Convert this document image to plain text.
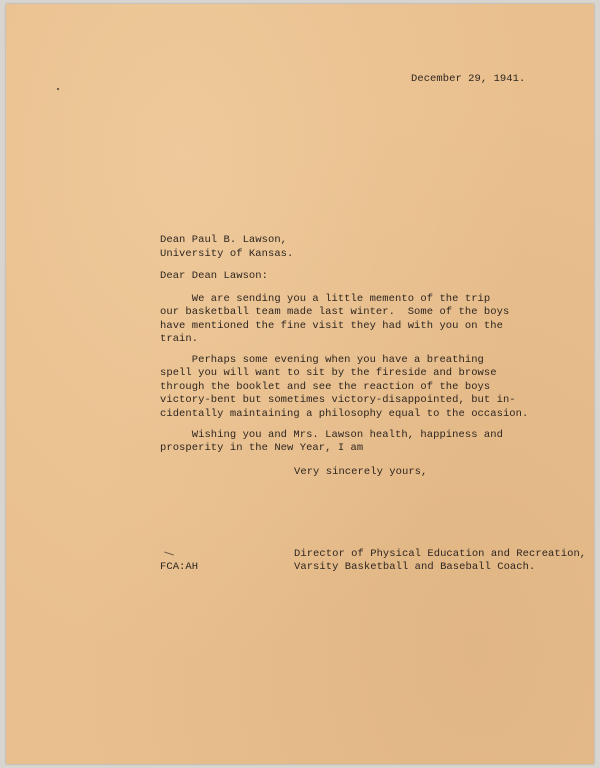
December 29, 1941.
Dean Paul B. Lawson,
University of Kansas.
Dear Dean Lawson:
We are sending you a little memento of the trip
our basketball team made last winter.  Some of the boys
have mentioned the fine visit they had with you on the
train.
Perhaps some evening when you have a breathing
spell you will want to sit by the fireside and browse
through the booklet and see the reaction of the boys
victory-bent but sometimes victory-disappointed, but in-
cidentally maintaining a philosophy equal to the occasion.
Wishing you and Mrs. Lawson health, happiness and
prosperity in the New Year, I am
Very sincerely yours,
Director of Physical Education and Recreation,
Varsity Basketball and Baseball Coach.
FCA:AH
